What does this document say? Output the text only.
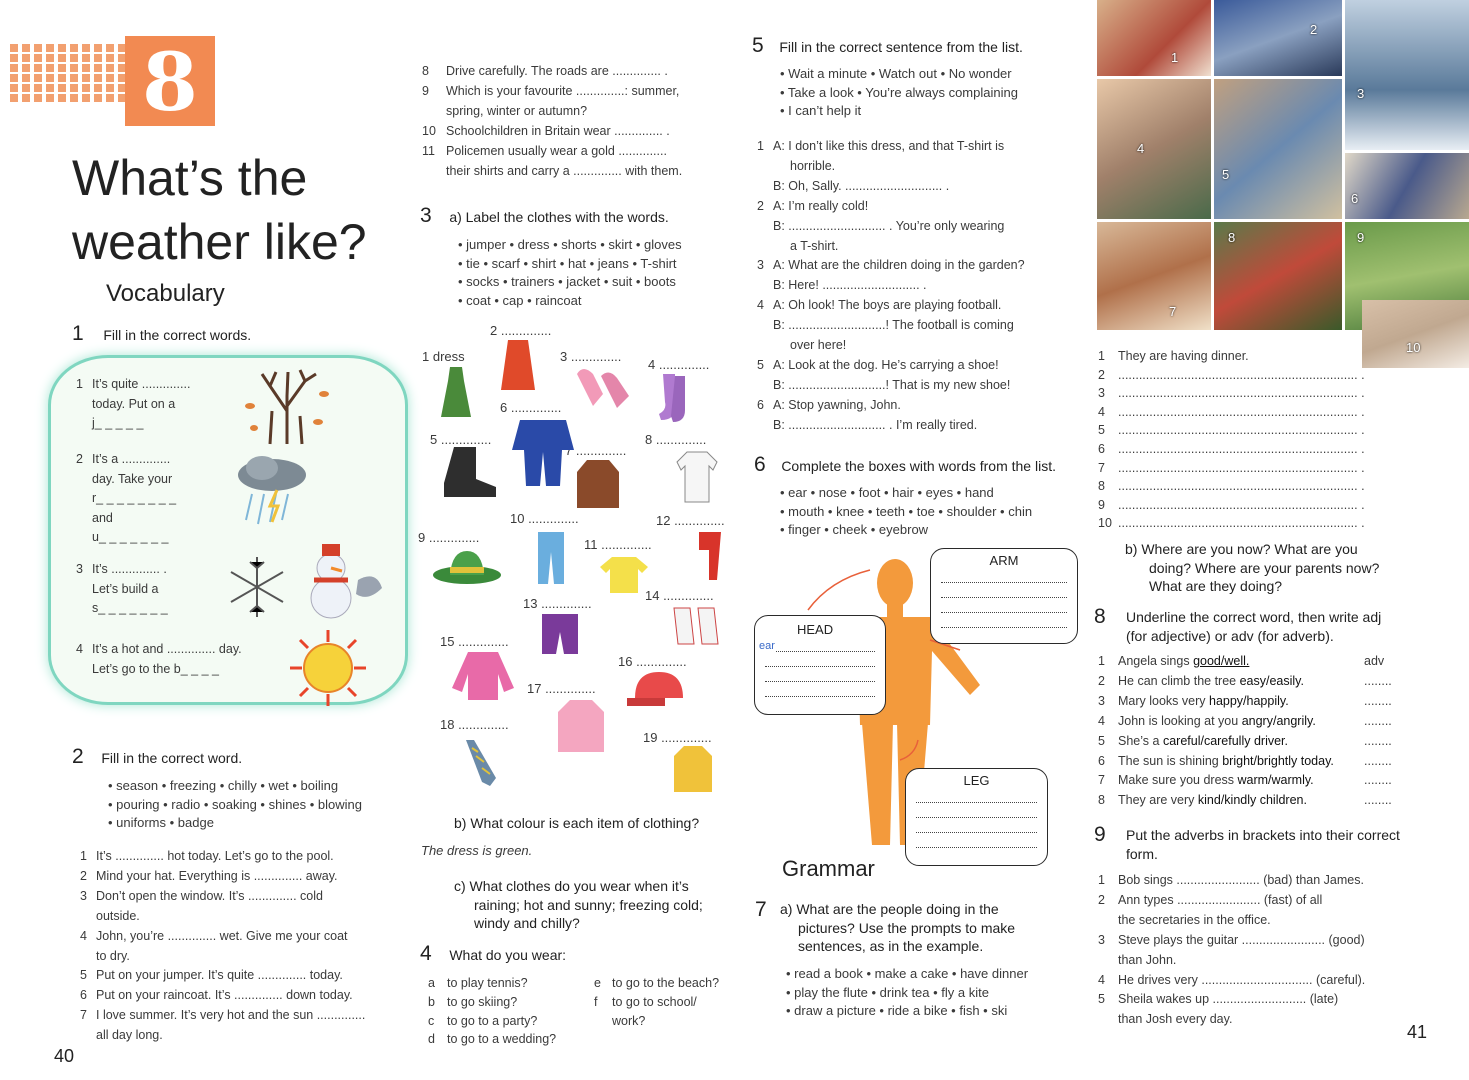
8
What’s the
weather like?
Vocabulary
1 Fill in the correct words.
1 It’s quite ..............
today. Put on a
j_ _ _ _ _
2 It’s a ..............
day. Take your
r_ _ _ _ _ _ _ _
and
u_ _ _ _ _ _ _
3 It’s .............. .
Let’s build a
s_ _ _ _ _ _ _
4 It’s a hot and .............. day.
Let’s go to the b_ _ _ _
2 Fill in the correct word.
• season • freezing • chilly • wet • boiling
• pouring • radio • soaking • shines • blowing
• uniforms • badge
1 It’s .............. hot today. Let’s go to the pool.
2 Mind your hat. Everything is .............. away.
3 Don’t open the window. It’s .............. cold
outside.
4 John, you’re .............. wet. Give me your coat
to dry.
5 Put on your jumper. It’s quite .............. today.
6 Put on your raincoat. It’s .............. down today.
7 I love summer. It’s very hot and the sun ..............
all day long.
40
8 Drive carefully. The roads are .............. .
9 Which is your favourite ..............: summer,
spring, winter or autumn?
10 Schoolchildren in Britain wear .............. .
11 Policemen usually wear a gold ..............
their shirts and carry a .............. with them.
3 a) Label the clothes with the words.
• jumper • dress • shorts • skirt • gloves
• tie • scarf • shirt • hat • jeans • T-shirt
• socks • trainers • jacket • suit • boots
• coat • cap • raincoat
1 dress
2 ..............
3 ..............
4 ..............
5 ..............
6 ..............
7 ..............
8 ..............
9 ..............
10 ..............
11 ..............
12 ..............
13 ..............
14 ..............
15 ..............
16 ..............
17 ..............
18 ..............
19 ..............
b) What colour is each item of clothing?
The dress is green.
c) What clothes do you wear when it’s
raining; hot and sunny; freezing cold;
windy and chilly?
4 What do you wear:
a to play tennis?
b to go skiing?
c to go to a party?
d to go to a wedding?
e to go to the beach?
f to go to school/
work?
5 Fill in the correct sentence from the list.
• Wait a minute • Watch out • No wonder
• Take a look • You’re always complaining
• I can’t help it
1 A: I don’t like this dress, and that T-shirt is
horrible.
B: Oh, Sally. ............................ .
2 A: I’m really cold!
B: ............................ . You’re only wearing
a T-shirt.
3 A: What are the children doing in the garden?
B: Here! ............................ .
4 A: Oh look! The boys are playing football.
B: ............................! The football is coming
over here!
5 A: Look at the dog. He’s carrying a shoe!
B: ............................! That is my new shoe!
6 A: Stop yawning, John.
B: ............................ . I’m really tired.
6 Complete the boxes with words from the list.
• ear • nose • foot • hair • eyes • hand
• mouth • knee • teeth • toe • shoulder • chin
• finger • cheek • eyebrow
ARM
HEAD
ear
LEG
Grammar
7 a) What are the people doing in the
pictures? Use the prompts to make
sentences, as in the example.
• read a book • make a cake • have dinner
• play the flute • drink tea • fly a kite
• draw a picture • ride a bike • fish • ski
1
2
3
4
5
6
7
8	9
10
1 They are having dinner.
2 ..................................................................... .
3 ..................................................................... .
4 ..................................................................... .
5 ..................................................................... .
6 ..................................................................... .
7 ..................................................................... .
8 ..................................................................... .
9 ..................................................................... .
10 ..................................................................... .
b) Where are you now? What are you
doing? Where are your parents now?
What are they doing?
8 Underline the correct word, then write adj
(for adjective) or adv (for adverb).
1 Angela sings good/well.	adv
2 He can climb the tree easy/easily.	........
3 Mary looks very happy/happily.	........
4 John is looking at you angry/angrily.	........
5 She’s a careful/carefully driver.	........
6 The sun is shining bright/brightly today. ........
7 Make sure you dress warm/warmly.	........
8 They are very kind/kindly children.	........
9 Put the adverbs in brackets into their correct
form.
1 Bob sings ........................ (bad) than James.
2 Ann types ........................ (fast) of all
the secretaries in the office.
3 Steve plays the guitar ........................ (good)
than John.
4 He drives very ................................ (careful).
5 Sheila wakes up ........................... (late)
than Josh every day.
41
